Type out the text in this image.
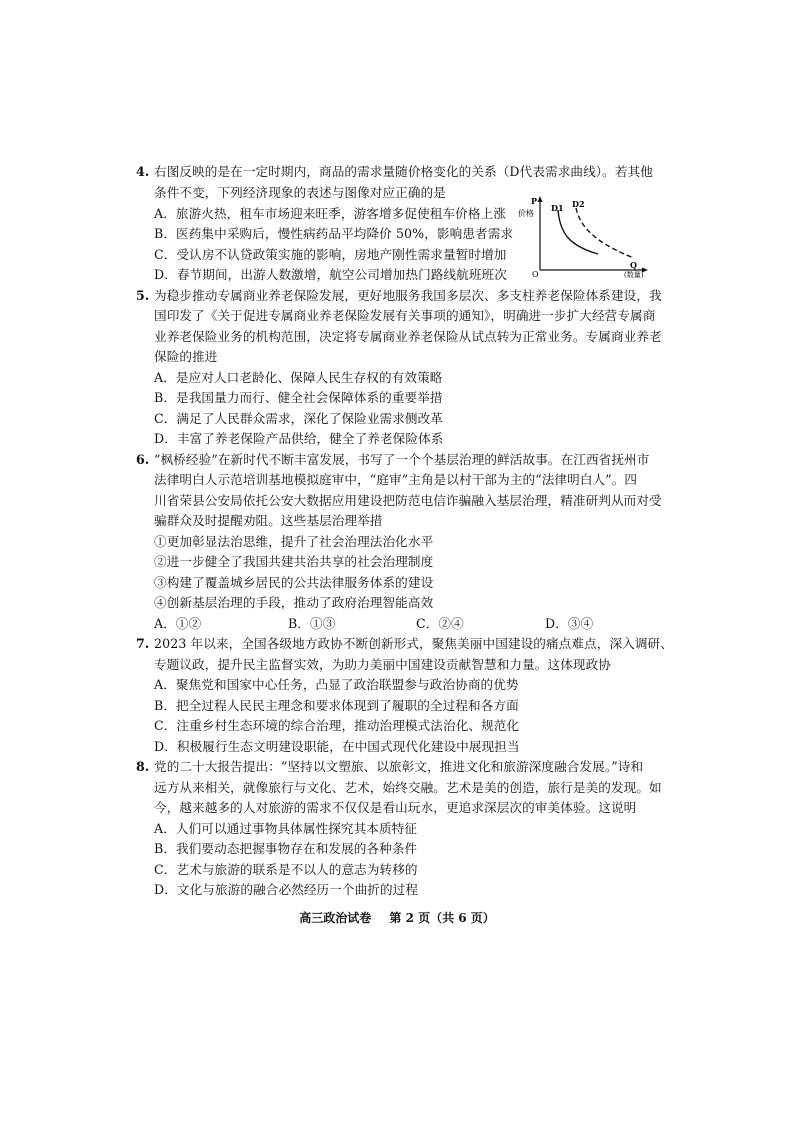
4. 右图反映的是在一定时期内，商品的需求量随价格变化的关系（D代表需求曲线）。若其他
条件不变，下列经济现象的表述与图像对应正确的是
A．旅游火热，租车市场迎来旺季，游客增多促使租车价格上涨
B．医药集中采购后，慢性病药品平均降价 50%，影响患者需求
C．受认房不认贷政策实施的影响，房地产刚性需求量暂时增加
D．春节期间，出游人数激增，航空公司增加热门路线航班班次
P
价格
D1 D2
O
Q
(数量)
5. 为稳步推动专属商业养老保险发展，更好地服务我国多层次、多支柱养老保险体系建设，我
国印发了《关于促进专属商业养老保险发展有关事项的通知》，明确进一步扩大经营专属商
业养老保险业务的机构范围，决定将专属商业养老保险从试点转为正常业务。专属商业养老
保险的推进
A．是应对人口老龄化、保障人民生存权的有效策略
B．是我国量力而行、健全社会保障体系的重要举措
C．满足了人民群众需求，深化了保险业需求侧改革
D．丰富了养老保险产品供给，健全了养老保险体系
6. “枫桥经验”在新时代不断丰富发展，书写了一个个基层治理的鲜活故事。在江西省抚州市
法律明白人示范培训基地模拟庭审中，“庭审”主角是以村干部为主的“法律明白人”。四
川省荣县公安局依托公安大数据应用建设把防范电信诈骗融入基层治理，精准研判从而对受
骗群众及时提醒劝阻。这些基层治理举措
①更加彰显法治思维，提升了社会治理法治化水平
②进一步健全了我国共建共治共享的社会治理制度
③构建了覆盖城乡居民的公共法律服务体系的建设
④创新基层治理的手段，推动了政府治理智能高效
A．①②	B．①③	C．②④	D．③④
7. 2023 年以来，全国各级地方政协不断创新形式，聚焦美丽中国建设的痛点难点，深入调研、
专题议政，提升民主监督实效，为助力美丽中国建设贡献智慧和力量。这体现政协
A．聚焦党和国家中心任务，凸显了政治联盟参与政治协商的优势
B．把全过程人民民主理念和要求体现到了履职的全过程和各方面
C．注重乡村生态环境的综合治理，推动治理模式法治化、规范化
D．积极履行生态文明建设职能，在中国式现代化建设中展现担当
8. 党的二十大报告提出：“坚持以文塑旅、以旅彰文，推进文化和旅游深度融合发展。”诗和
远方从来相关，就像旅行与文化、艺术，始终交融。艺术是美的创造，旅行是美的发现。如
今，越来越多的人对旅游的需求不仅仅是看山玩水，更追求深层次的审美体验。这说明
A．人们可以通过事物具体属性探究其本质特征
B．我们要动态把握事物存在和发展的各种条件
C．艺术与旅游的联系是不以人的意志为转移的
D．文化与旅游的融合必然经历一个曲折的过程
高三政治试卷 第 2 页（共 6 页）
